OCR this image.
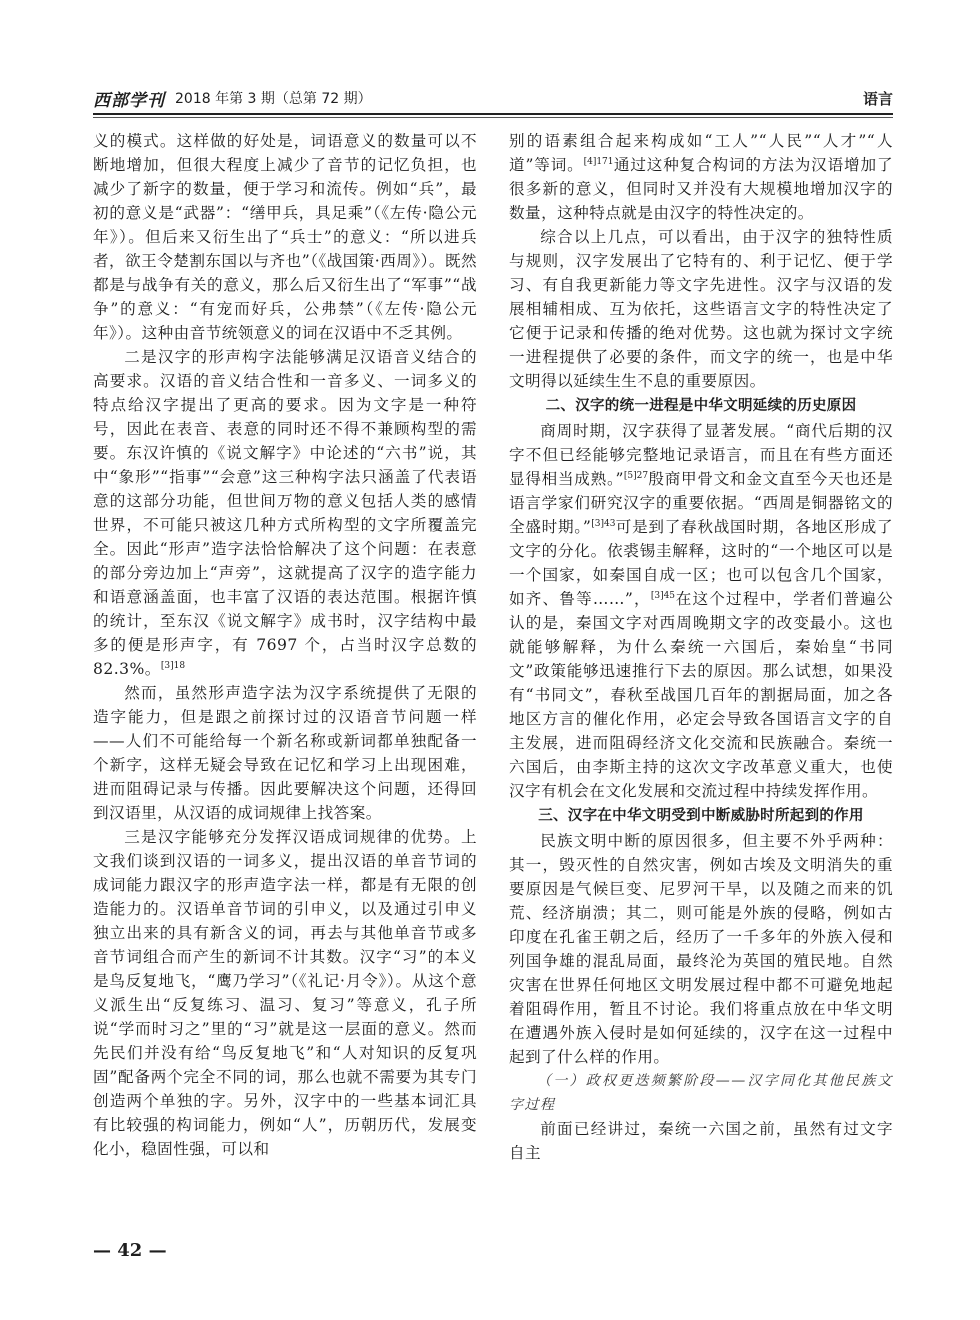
西部学刊 2018 年第 3 期（总第 72 期）	语言

义的模式。这样做的好处是，词语意义的数量可以不断地增加，但很大程度上减少了音节的记忆负担，也减少了新字的数量，便于学习和流传。例如“兵”，最初的意义是“武器”：“缮甲兵，具足乘”（《左传·隐公元年》）。但后来又衍生出了“兵士”的意义：“所以进兵者，欲王令楚割东国以与齐也”（《战国策·西周》）。既然都是与战争有关的意义，那么后又衍生出了“军事”“战争”的意义：“有宠而好兵，公弗禁”（《左传·隐公元年》）。这种由音节统领意义的词在汉语中不乏其例。

二是汉字的形声构字法能够满足汉语音义结合的高要求。汉语的音义结合性和一音多义、一词多义的特点给汉字提出了更高的要求。因为文字是一种符号，因此在表音、表意的同时还不得不兼顾构型的需要。东汉许慎的《说文解字》中论述的“六书”说，其中“象形”“指事”“会意”这三种构字法只涵盖了代表语意的这部分功能，但世间万物的意义包括人类的感情世界，不可能只被这几种方式所构型的文字所覆盖完全。因此“形声”造字法恰恰解决了这个问题：在表意的部分旁边加上“声旁”，这就提高了汉字的造字能力和语意涵盖面，也丰富了汉语的表达范围。根据许慎的统计，至东汉《说文解字》成书时，汉字结构中最多的便是形声字，有 7697 个，占当时汉字总数的 82.3%。$^{[3]18}$

然而，虽然形声造字法为汉字系统提供了无限的造字能力，但是跟之前探讨过的汉语音节问题一样——人们不可能给每一个新名称或新词都单独配备一个新字，这样无疑会导致在记忆和学习上出现困难，进而阻碍记录与传播。因此要解决这个问题，还得回到汉语里，从汉语的成词规律上找答案。

三是汉字能够充分发挥汉语成词规律的优势。上文我们谈到汉语的一词多义，提出汉语的单音节词的成词能力跟汉字的形声造字法一样，都是有无限的创造能力的。汉语单音节词的引申义，以及通过引申义独立出来的具有新含义的词，再去与其他单音节或多音节词组合而产生的新词不计其数。汉字“习”的本义是鸟反复地飞，“鹰乃学习”（《礼记·月令》）。从这个意义派生出“反复练习、温习、复习”等意义，孔子所说“学而时习之”里的“习”就是这一层面的意义。然而先民们并没有给“鸟反复地飞”和“人对知识的反复巩固”配备两个完全不同的词，那么也就不需要为其专门创造两个单独的字。另外，汉字中的一些基本词汇具有比较强的构词能力，例如“人”，历朝历代，发展变化小，稳固性强，可以和

别的语素组合起来构成如“工人”“人民”“人才”“人道”等词。$^{[4]171}$通过这种复合构词的方法为汉语增加了很多新的意义，但同时又并没有大规模地增加汉字的数量，这种特点就是由汉字的特性决定的。

综合以上几点，可以看出，由于汉字的独特性质与规则，汉字发展出了它特有的、利于记忆、便于学习、有自我更新能力等文字先进性。汉字与汉语的发展相辅相成、互为依托，这些语言文字的特性决定了它便于记录和传播的绝对优势。这也就为探讨文字统一进程提供了必要的条件，而文字的统一，也是中华文明得以延续生生不息的重要原因。

二、汉字的统一进程是中华文明延续的历史原因

商周时期，汉字获得了显著发展。“商代后期的汉字不但已经能够完整地记录语言，而且在有些方面还显得相当成熟。”$^{[5]27}$殷商甲骨文和金文直至今天也还是语言学家们研究汉字的重要依据。“西周是铜器铭文的全盛时期。”$^{[3]43}$可是到了春秋战国时期，各地区形成了文字的分化。依裘锡圭解释，这时的“一个地区可以是一个国家，如秦国自成一区；也可以包含几个国家，如齐、鲁等……”，$^{[3]45}$在这个过程中，学者们普遍公认的是，秦国文字对西周晚期文字的改变最小。这也就能够解释，为什么秦统一六国后，秦始皇“书同文”政策能够迅速推行下去的原因。那么试想，如果没有“书同文”，春秋至战国几百年的割据局面，加之各地区方言的催化作用，必定会导致各国语言文字的自主发展，进而阻碍经济文化交流和民族融合。秦统一六国后，由李斯主持的这次文字改革意义重大，也使汉字有机会在文化发展和交流过程中持续发挥作用。

三、汉字在中华文明受到中断威胁时所起到的作用

民族文明中断的原因很多，但主要不外乎两种：其一，毁灭性的自然灾害，例如古埃及文明消失的重要原因是气候巨变、尼罗河干旱，以及随之而来的饥荒、经济崩溃；其二，则可能是外族的侵略，例如古印度在孔雀王朝之后，经历了一千多年的外族入侵和列国争雄的混乱局面，最终沦为英国的殖民地。自然灾害在世界任何地区文明发展过程中都不可避免地起着阻碍作用，暂且不讨论。我们将重点放在中华文明在遭遇外族入侵时是如何延续的，汉字在这一过程中起到了什么样的作用。

（一）政权更迭频繁阶段——汉字同化其他民族文字过程

前面已经讲过，秦统一六国之前，虽然有过文字自主

— 42 —
